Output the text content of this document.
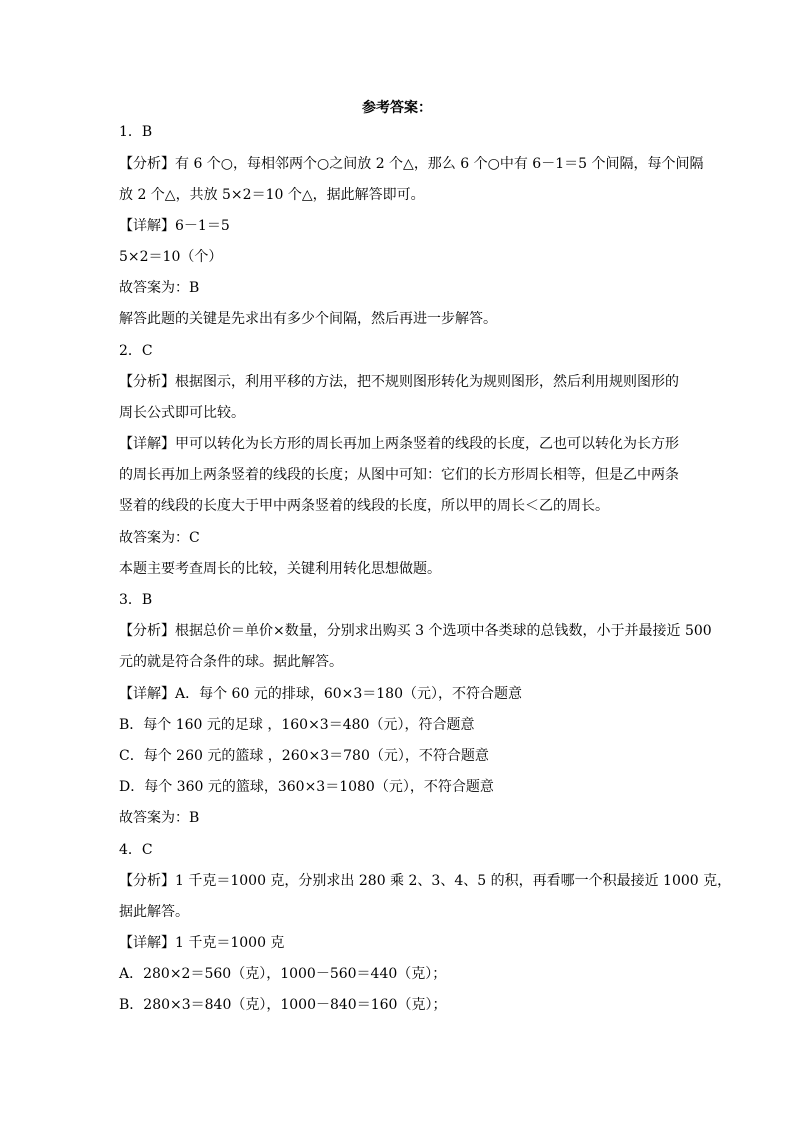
参考答案：
1．B
【分析】有 6 个○，每相邻两个○之间放 2 个△，那么 6 个○中有 6－1＝5 个间隔，每个间隔
放 2 个△，共放 5×2＝10 个△，据此解答即可。
【详解】6－1＝5
5×2＝10（个）
故答案为：B
解答此题的关键是先求出有多少个间隔，然后再进一步解答。
2．C
【分析】根据图示，利用平移的方法，把不规则图形转化为规则图形，然后利用规则图形的
周长公式即可比较。
【详解】甲可以转化为长方形的周长再加上两条竖着的线段的长度，乙也可以转化为长方形
的周长再加上两条竖着的线段的长度；从图中可知：它们的长方形周长相等，但是乙中两条
竖着的线段的长度大于甲中两条竖着的线段的长度，所以甲的周长＜乙的周长。
故答案为：C
本题主要考查周长的比较，关键利用转化思想做题。
3．B
【分析】根据总价＝单价×数量，分别求出购买 3 个选项中各类球的总钱数，小于并最接近 500
元的就是符合条件的球。据此解答。
【详解】A．每个 60 元的排球，60×3＝180（元），不符合题意
B．每个 160 元的足球 ，160×3＝480（元），符合题意
C．每个 260 元的篮球 ，260×3＝780（元），不符合题意
D．每个 360 元的篮球，360×3＝1080（元），不符合题意
故答案为：B
4．C
【分析】1 千克＝1000 克，分别求出 280 乘 2、3、4、5 的积，再看哪一个积最接近 1000 克，
据此解答。
【详解】1 千克＝1000 克
A．280×2＝560（克），1000－560＝440（克）；
B．280×3＝840（克），1000－840＝160（克）；
